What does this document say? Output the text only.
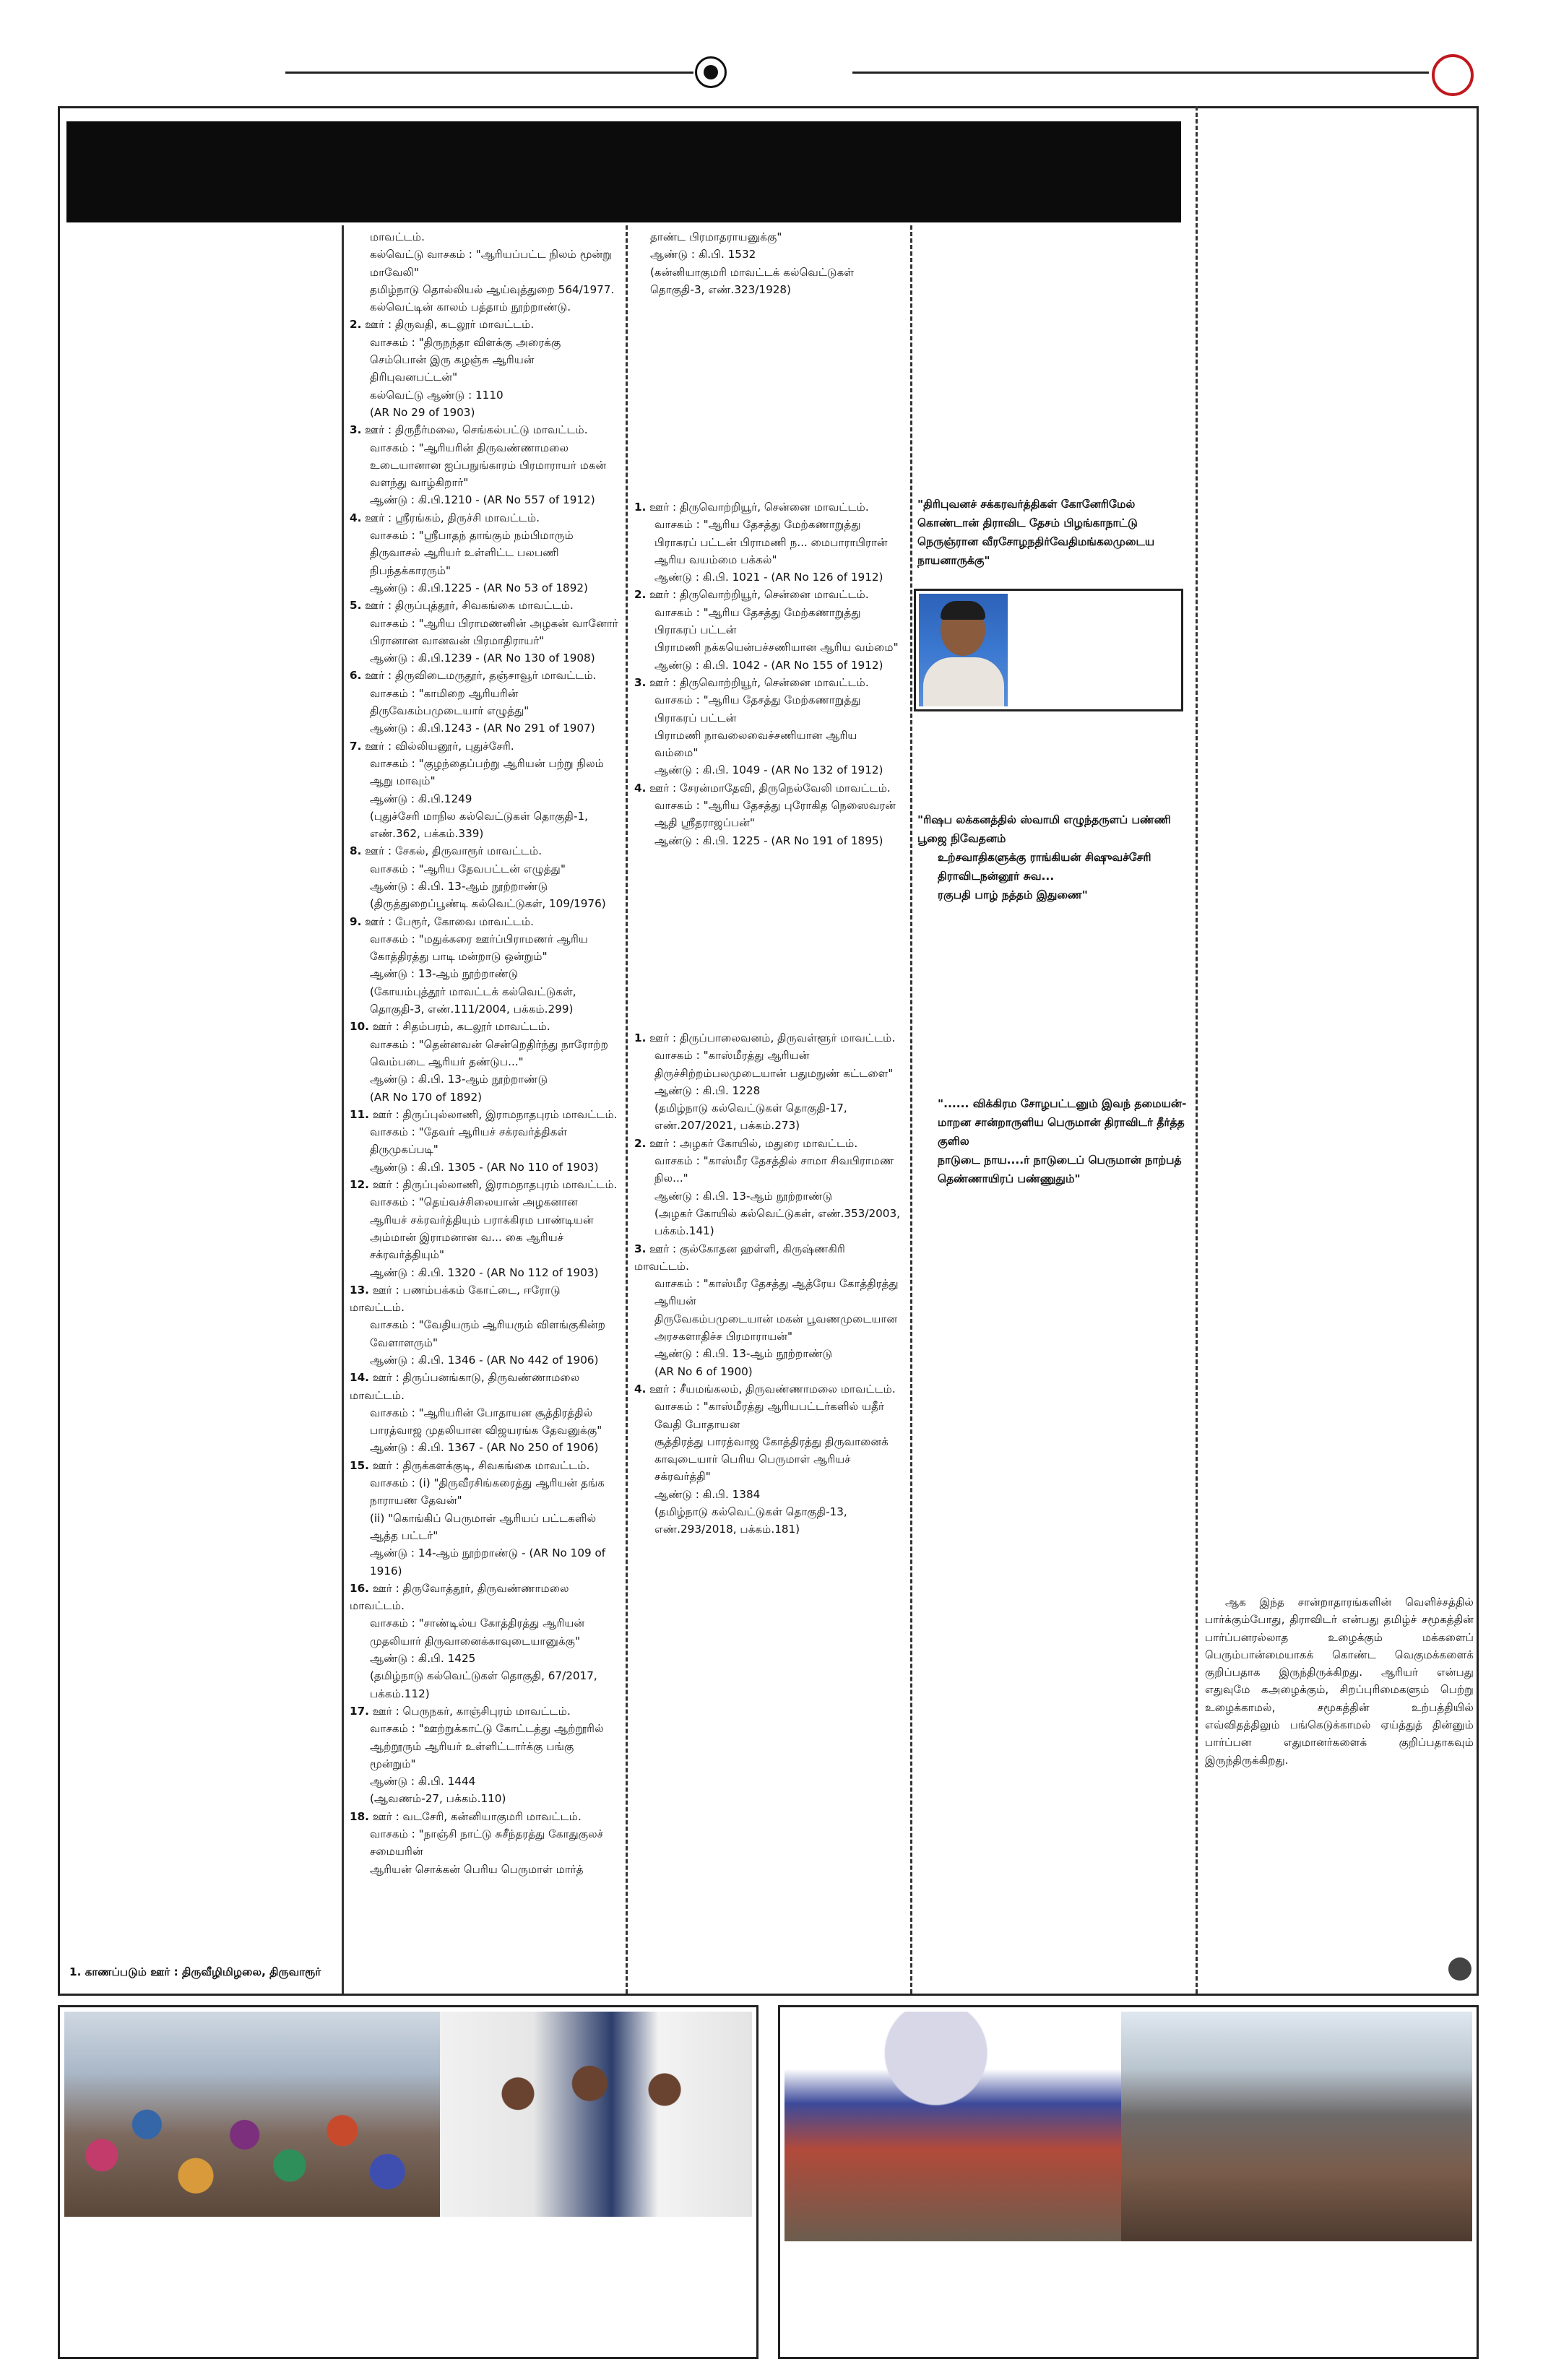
1. காணப்படும் ஊர் : திருவீழிமிழலை, திருவாரூர்

மாவட்டம்.

கல்வெட்டு வாசகம் : "ஆரியப்பட்ட நிலம் மூன்று மாவேலி"

தமிழ்நாடு தொல்லியல் ஆய்வுத்துறை 564/1977. கல்வெட்டின் காலம் பத்தாம் நூற்றாண்டு.

2. ஊர் : திருவதி, கடலூர் மாவட்டம்.

வாசகம் : "திருநந்தா விளக்கு அரைக்கு செம்பொன் இரு கழஞ்சு ஆரியன் திரிபுவனபட்டன்"

கல்வெட்டு ஆண்டு : 1110

(AR No 29 of 1903)

3. ஊர் : திருநீர்மலை, செங்கல்பட்டு மாவட்டம்.

வாசகம் : "ஆரியரின் திருவண்ணாமலை உடையானான ஐப்பநுங்காரம் பிரமாராயர் மகன் வளந்து வாழ்கிறார்"

ஆண்டு : கி.பி.1210 - (AR No 557 of 1912)

4. ஊர் : ஸ்ரீரங்கம், திருச்சி மாவட்டம்.

வாசகம் : "ஸ்ரீபாதந் தாங்கும் நம்பிமாரும் திருவாசல் ஆரியர் உள்ளிட்ட பலபணி நிபந்தக்காரரும்"

ஆண்டு : கி.பி.1225 - (AR No 53 of 1892)

5. ஊர் : திருப்புத்தூர், சிவகங்கை மாவட்டம்.

வாசகம் : "ஆரிய பிராமணனின் அழகன் வானோர் பிரானான வானவன் பிரமாதிராயர்"

ஆண்டு : கி.பி.1239 - (AR No 130 of 1908)

6. ஊர் : திருவிடைமருதூர், தஞ்சாவூர் மாவட்டம்.

வாசகம் : "காமிறை ஆரியரின் திருவேகம்பமுடையார் எழுத்து"

ஆண்டு : கி.பி.1243 - (AR No 291 of 1907)

7. ஊர் : வில்லியனூர், புதுச்சேரி.

வாசகம் : "குழந்தைப்பற்று ஆரியன் பற்று நிலம் ஆறு மாவும்"

ஆண்டு : கி.பி.1249

(புதுச்சேரி மாநில கல்வெட்டுகள் தொகுதி-1, எண்.362, பக்கம்.339)

8. ஊர் : சேகல், திருவாரூர் மாவட்டம்.

வாசகம் : "ஆரிய தேவபட்டன் எழுத்து"

ஆண்டு : கி.பி. 13-ஆம் நூற்றாண்டு

(திருத்துறைப்பூண்டி கல்வெட்டுகள், 109/1976)

9. ஊர் : பேரூர், கோவை மாவட்டம்.

வாசகம் : "மதுக்கரை ஊர்ப்பிராமணர் ஆரிய கோத்திரத்து பாடி மன்றாடு ஒன்றும்"

ஆண்டு : 13-ஆம் நூற்றாண்டு

(கோயம்புத்தூர் மாவட்டக் கல்வெட்டுகள், தொகுதி-3, எண்.111/2004, பக்கம்.299)

10. ஊர் : சிதம்பரம், கடலூர் மாவட்டம்.

வாசகம் : "தென்னவன் சென்றெதிர்ந்து நாரோற்ற வெம்படை ஆரியர் தண்டுப..."

ஆண்டு : கி.பி. 13-ஆம் நூற்றாண்டு

(AR No 170 of 1892)

11. ஊர் : திருப்புல்லாணி, இராமநாதபுரம் மாவட்டம்.

வாசகம் : "தேவர் ஆரியச் சக்ரவர்த்திகள் திருமுகப்படி"

ஆண்டு : கி.பி. 1305 - (AR No 110 of 1903)

12. ஊர் : திருப்புல்லாணி, இராமநாதபுரம் மாவட்டம்.

வாசகம் : "தெய்வச்சிலையான் அழகனான ஆரியச் சக்ரவர்த்தியும் பராக்கிரம பாண்டியன் அம்மான் இராமனான வ... கை ஆரியச் சக்ரவர்த்தியும்"

ஆண்டு : கி.பி. 1320 - (AR No 112 of 1903)

13. ஊர் : பணம்பக்கம் கோட்டை, ஈரோடு மாவட்டம்.

வாசகம் : "வேதியரும் ஆரியரும் விளங்குகின்ற வேளாளரும்"

ஆண்டு : கி.பி. 1346 - (AR No 442 of 1906)

14. ஊர் : திருப்பனங்காடு, திருவண்ணாமலை மாவட்டம்.

வாசகம் : "ஆரியரின் போதாயன சூத்திரத்தில் பாரத்வாஜ முதலியான விஜயரங்க தேவனுக்கு"

ஆண்டு : கி.பி. 1367 - (AR No 250 of 1906)

15. ஊர் : திருக்களக்குடி, சிவகங்கை மாவட்டம்.

வாசகம் : (i) "திருவீரசிங்கரைத்து ஆரியன் தங்க நாராயண தேவன்"

(ii) "கொங்கிப் பெருமாள் ஆரியப் பட்டகளில் ஆத்த பட்டர்"

ஆண்டு : 14-ஆம் நூற்றாண்டு - (AR No 109 of 1916)

16. ஊர் : திருவோத்தூர், திருவண்ணாமலை மாவட்டம்.

வாசகம் : "சாண்டில்ய கோத்திரத்து ஆரியன் முதலியார் திருவானைக்காவுடையானுக்கு"

ஆண்டு : கி.பி. 1425

(தமிழ்நாடு கல்வெட்டுகள் தொகுதி, 67/2017, பக்கம்.112)

17. ஊர் : பெருநகர், காஞ்சிபுரம் மாவட்டம்.

வாசகம் : "ஊற்றுக்காட்டு கோட்டத்து ஆற்றூரில் ஆற்றூரும் ஆரியர் உள்ளிட்டார்க்கு பங்கு மூன்றும்"

ஆண்டு : கி.பி. 1444

(ஆவணம்-27, பக்கம்.110)

18. ஊர் : வடசேரி, கன்னியாகுமரி மாவட்டம்.

வாசகம் : "நாஞ்சி நாட்டு சுசீந்தரத்து கோதுகுலச் சமையரின்

ஆரியன் சொக்கன் பெரிய பெருமாள் மார்த்

தாண்ட பிரமாதராயனுக்கு"

ஆண்டு : கி.பி. 1532

(கன்னியாகுமரி மாவட்டக் கல்வெட்டுகள் தொகுதி-3, எண்.323/1928)

1. ஊர் : திருவொற்றியூர், சென்னை மாவட்டம்.

வாசகம் : "ஆரிய தேசத்து மேற்கணாறுத்து பிராகரப் பட்டன் பிராமணி ந... மைபாராபிரான் ஆரிய வயம்மை பக்கல்"

ஆண்டு : கி.பி. 1021 - (AR No 126 of 1912)

2. ஊர் : திருவொற்றியூர், சென்னை மாவட்டம்.

வாசகம் : "ஆரிய தேசத்து மேற்கணாறுத்து பிராகரப் பட்டன்

பிராமணி நக்கயென்பச்சணியான ஆரிய வம்மை"

ஆண்டு : கி.பி. 1042 - (AR No 155 of 1912)

3. ஊர் : திருவொற்றியூர், சென்னை மாவட்டம்.

வாசகம் : "ஆரிய தேசத்து மேற்கணாறுத்து பிராகரப் பட்டன்

பிராமணி நாவலைவைச்சணியான ஆரிய வம்மை"

ஆண்டு : கி.பி. 1049 - (AR No 132 of 1912)

4. ஊர் : சேரன்மாதேவி, திருநெல்வேலி மாவட்டம்.

வாசகம் : "ஆரிய தேசத்து புரோகித நெஸைவரன் ஆதி ஸ்ரீதராஜப்பன்"

ஆண்டு : கி.பி. 1225 - (AR No 191 of 1895)

1. ஊர் : திருப்பாலைவனம், திருவள்ளூர் மாவட்டம்.

வாசகம் : "காஸ்மீரத்து ஆரியன் திருச்சிற்றம்பலமுடையான் பதுமநுண் கட்டளை"

ஆண்டு : கி.பி. 1228

(தமிழ்நாடு கல்வெட்டுகள் தொகுதி-17, எண்.207/2021, பக்கம்.273)

2. ஊர் : அழகர் கோயில், மதுரை மாவட்டம்.

வாசகம் : "காஸ்மீர தேசத்தில் சாமா சிவபிராமண நில..."

ஆண்டு : கி.பி. 13-ஆம் நூற்றாண்டு

(அழகர் கோயில் கல்வெட்டுகள், எண்.353/2003, பக்கம்.141)

3. ஊர் : குல்கோதன ஹள்ளி, கிருஷ்ணகிரி மாவட்டம்.

வாசகம் : "காஸ்மீர தேசத்து ஆத்ரேய கோத்திரத்து ஆரியன்

திருவேகம்பமுடையான் மகன் பூவணமுடையான அரசகளாதிச்ச பிரமாராயன்"

ஆண்டு : கி.பி. 13-ஆம் நூற்றாண்டு

(AR No 6 of 1900)

4. ஊர் : சீயமங்கலம், திருவண்ணாமலை மாவட்டம்.

வாசகம் : "காஸ்மீரத்து ஆரியபட்டர்களில் யதீர் வேதி போதாயன

சூத்திரத்து பாரத்வாஜ கோத்திரத்து திருவானைக் காவுடையார் பெரிய பெருமாள் ஆரியச் சக்ரவர்த்தி"

ஆண்டு : கி.பி. 1384

(தமிழ்நாடு கல்வெட்டுகள் தொகுதி-13, எண்.293/2018, பக்கம்.181)

"திரிபுவனச் சக்கரவர்த்திகள் கோனேரிமேல் கொண்டான் திராவிட தேசம் பிழங்காநாட்டு நெருஞ்ரான வீரசோழநதிர்வேதிமங்கலமுடைய நாயனாருக்கு"

"ரிஷப லக்கனத்தில் ஸ்வாமி எழுந்தருளப் பண்ணி பூஜை நிவேதனம்

உற்சவாதிகளுக்கு ராங்கியன் சிஷுவச்சேரி திராவிடநன்னூர் சுவ...

ரகுபதி பாழ் நத்தம் இதுணை"

"...... விக்கிரம சோழபட்டனும் இவந் தமையன்-

மாறன சான்றாருளிய பெருமான் திராவிடர் தீர்த்த குளில

நாடுடை நாய....ர் நாடுடைப் பெருமான் நாற்பத் தெண்ணாயிரப் பண்ணுதும்"

ஆக இந்த சான்றாதாரங்களின் வெளிச்சத்தில் பார்க்கும்போது, திராவிடர் என்பது தமிழ்ச் சமூகத்தின் பார்ப்பனரல்லாத உழைக்கும் மக்களைப் பெரும்பான்மையாகக் கொண்ட வெகுமக்களைக் குறிப்பதாக இருந்திருக்கிறது. ஆரியர் என்பது எதுவுமே கஅழைக்கும், சிறப்புரிமைகளும் பெற்று உழைக்காமல், சமூகத்தின் உற்பத்தியில் எவ்விதத்திலும் பங்கெடுக்காமல் ஏய்த்துத் தின்னும் பார்ப்பன எதுமானர்களைக் குறிப்பதாகவும் இருந்திருக்கிறது.
